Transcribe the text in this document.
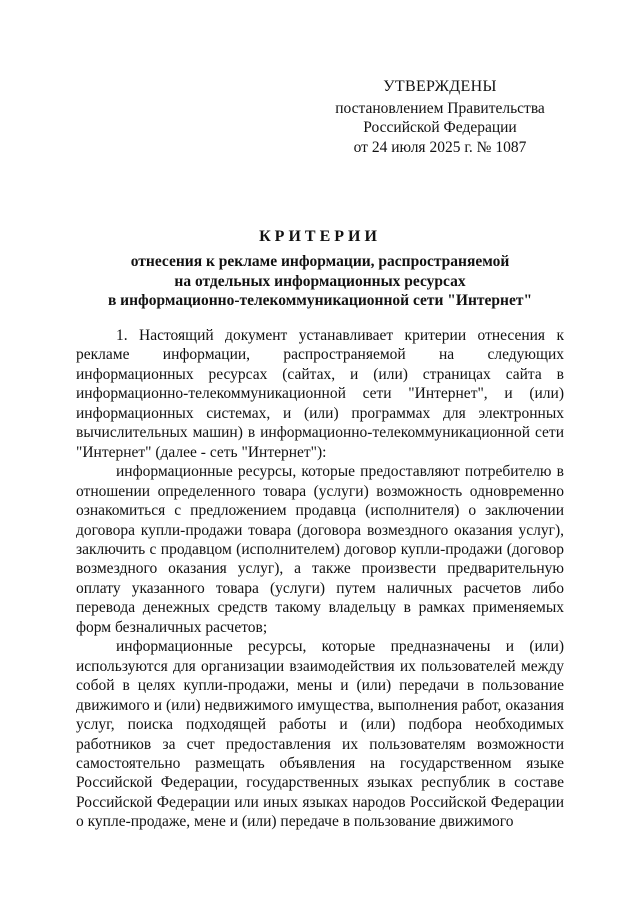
УТВЕРЖДЕНЫ
постановлением Правительства
Российской Федерации
от 24 июля 2025 г. № 1087
КРИТЕРИИ
отнесения к рекламе информации, распространяемой
на отдельных информационных ресурсах
в информационно-телекоммуникационной сети "Интернет"

1. Настоящий документ устанавливает критерии отнесения к рекламе информации, распространяемой на следующих информационных ресурсах (сайтах, и (или) страницах сайта в информационно-телекоммуникационной сети "Интернет", и (или) информационных системах, и (или) программах для электронных вычислительных машин) в информационно-телекоммуникационной сети "Интернет" (далее - сеть "Интернет"):

информационные ресурсы, которые предоставляют потребителю в отношении определенного товара (услуги) возможность одновременно ознакомиться с предложением продавца (исполнителя) о заключении договора купли-продажи товара (договора возмездного оказания услуг), заключить с продавцом (исполнителем) договор купли-продажи (договор возмездного оказания услуг), а также произвести предварительную оплату указанного товара (услуги) путем наличных расчетов либо перевода денежных средств такому владельцу в рамках применяемых форм безналичных расчетов;

информационные ресурсы, которые предназначены и (или) используются для организации взаимодействия их пользователей между собой в целях купли-продажи, мены и (или) передачи в пользование движимого и (или) недвижимого имущества, выполнения работ, оказания услуг, поиска подходящей работы и (или) подбора необходимых работников за счет предоставления их пользователям возможности самостоятельно размещать объявления на государственном языке Российской Федерации, государственных языках республик в составе Российской Федерации или иных языках народов Российской Федерации о купле-продаже, мене и (или) передаче в пользование движимого
